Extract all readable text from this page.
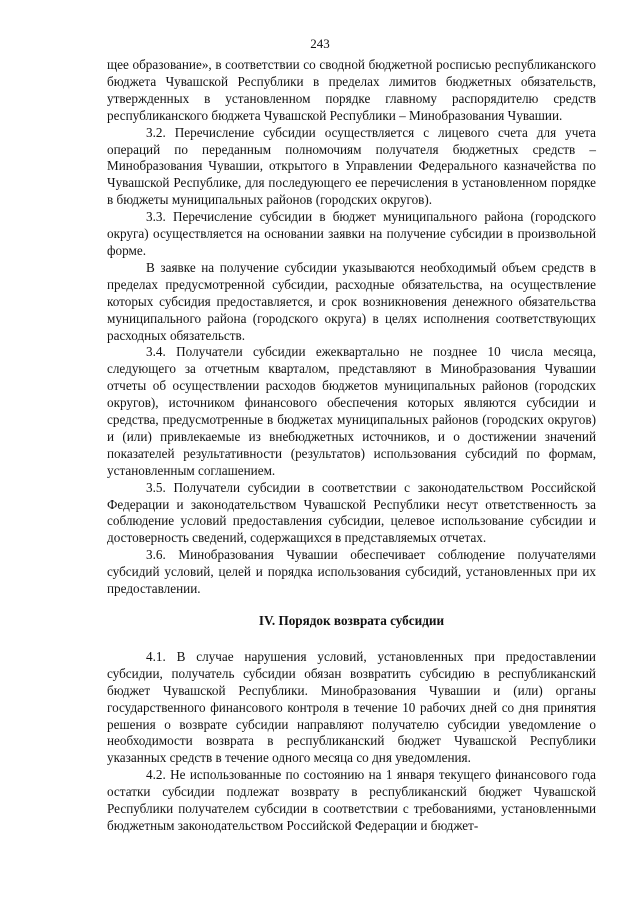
243

щее образование», в соответствии со сводной бюджетной росписью республиканского бюджета Чувашской Республики в пределах лимитов бюджетных обязательств, утвержденных в установленном порядке главному распорядителю средств республиканского бюджета Чувашской Республики – Минобразования Чувашии.

3.2. Перечисление субсидии осуществляется с лицевого счета для учета операций по переданным полномочиям получателя бюджетных средств – Минобразования Чувашии, открытого в Управлении Федерального казначейства по Чувашской Республике, для последующего ее перечисления в установленном порядке в бюджеты муниципальных районов (городских округов).

3.3. Перечисление субсидии в бюджет муниципального района (городского округа) осуществляется на основании заявки на получение субсидии в произвольной форме.

В заявке на получение субсидии указываются необходимый объем средств в пределах предусмотренной субсидии, расходные обязательства, на осуществление которых субсидия предоставляется, и срок возникновения денежного обязательства муниципального района (городского округа) в целях исполнения соответствующих расходных обязательств.

3.4. Получатели субсидии ежеквартально не позднее 10 числа месяца, следующего за отчетным кварталом, представляют в Минобразования Чувашии отчеты об осуществлении расходов бюджетов муниципальных районов (городских округов), источником финансового обеспечения которых являются субсидии и средства, предусмотренные в бюджетах муниципальных районов (городских округов) и (или) привлекаемые из внебюджетных источников, и о достижении значений показателей результативности (результатов) использования субсидий по формам, установленным соглашением.

3.5. Получатели субсидии в соответствии с законодательством Российской Федерации и законодательством Чувашской Республики несут ответственность за соблюдение условий предоставления субсидии, целевое использование субсидии и достоверность сведений, содержащихся в представляемых отчетах.

3.6. Минобразования Чувашии обеспечивает соблюдение получателями субсидий условий, целей и порядка использования субсидий, установленных при их предоставлении.

IV. Порядок возврата субсидии

4.1. В случае нарушения условий, установленных при предоставлении субсидии, получатель субсидии обязан возвратить субсидию в республиканский бюджет Чувашской Республики. Минобразования Чувашии и (или) органы государственного финансового контроля в течение 10 рабочих дней со дня принятия решения о возврате субсидии направляют получателю субсидии уведомление о необходимости возврата в республиканский бюджет Чувашской Республики указанных средств в течение одного месяца со дня уведомления.

4.2. Не использованные по состоянию на 1 января текущего финансового года остатки субсидии подлежат возврату в республиканский бюджет Чувашской Республики получателем субсидии в соответствии с требованиями, установленными бюджетным законодательством Российской Федерации и бюджет-
